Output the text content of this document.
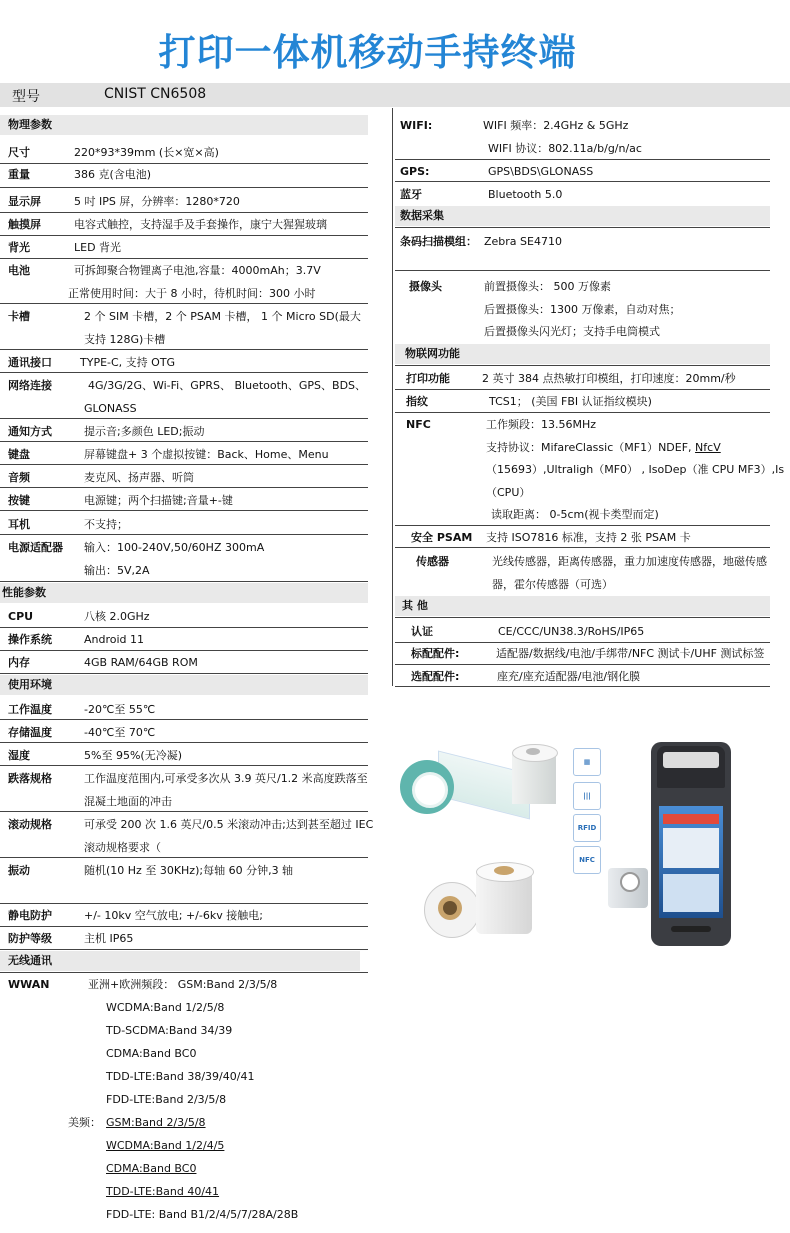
打印一体机移动手持终端
型号	CNIST CN6508
物理参数
尺寸	220*93*39mm (长×宽×高)
重量	386 克(含电池)
显示屏	5 吋 IPS 屏，分辨率：1280*720
触摸屏	电容式触控，支持湿手及手套操作，康宁大猩猩玻璃
背光	LED 背光
电池	可拆卸聚合物锂离子电池,容量：4000mAh；3.7V
正常使用时间：大于 8 小时，待机时间：300 小时
卡槽	2 个 SIM 卡槽，2 个 PSAM 卡槽， 1 个 Micro SD(最大
支持 128G)卡槽
通讯接口	TYPE-C, 支持 OTG
网络连接	4G/3G/2G、Wi-Fi、GPRS、 Bluetooth、GPS、BDS、
GLONASS
通知方式	提示音;多颜色 LED;振动
键盘	屏幕键盘+ 3 个虚拟按键：Back、Home、Menu
音频	麦克风、扬声器、听筒
按键	电源键；两个扫描键;音量+-键
耳机	不支持；
电源适配器 输入：100-240V,50/60HZ 300mA
输出：5V,2A
性能参数
CPU	八核 2.0GHz
操作系统	Android 11
内存	4GB RAM/64GB ROM
使用环境
工作温度	-20℃至 55℃
存储温度	-40℃至 70℃
湿度	5%至 95%(无冷凝)
跌落规格	工作温度范围内,可承受多次从 3.9 英尺/1.2 米高度跌落至
混凝土地面的冲击
滚动规格	可承受 200 次 1.6 英尺/0.5 米滚动冲击;达到甚至超过 IEC
滚动规格要求（
振动	随机(10 Hz 至 30KHz);每轴 60 分钟,3 轴
静电防护	+/- 10kv 空气放电; +/-6kv 接触电;
防护等级	主机 IP65
无线通讯
WWAN	亚洲+欧洲频段： GSM:Band 2/3/5/8
WCDMA:Band 1/2/5/8
TD-SCDMA:Band 34/39
CDMA:Band BC0
TDD-LTE:Band 38/39/40/41
FDD-LTE:Band 2/3/5/8
美频： GSM:Band 2/3/5/8
WCDMA:Band 1/2/4/5
CDMA:Band BC0
TDD-LTE:Band 40/41
FDD-LTE: Band B1/2/4/5/7/28A/28B
WIFI:	WIFI 频率：2.4GHz & 5GHz
WIFI 协议：802.11a/b/g/n/ac
GPS:	GPS\BDS\GLONASS
蓝牙	Bluetooth 5.0
数据采集
条码扫描模组： Zebra SE4710
摄像头	前置摄像头： 500 万像素
后置摄像头：1300 万像素，自动对焦；
后置摄像头闪光灯；支持手电筒模式
物联网功能
打印功能	2 英寸 384 点热敏打印模组，打印速度：20mm/秒
指纹	TCS1； (美国 FBI 认证指纹模块)
NFC	工作频段：13.56MHz
支持协议：MifareClassic（MF1）NDEF, NfcV
（15693）,Ultraligh（MF0） , IsoDep（准 CPU MF3）,Is
（CPU）
读取距离： 0-5cm(视卡类型而定)
安全 PSAM 支持 ISO7816 标准，支持 2 张 PSAM 卡
传感器	光线传感器，距离传感器，重力加速度传感器，地磁传感
器，霍尔传感器（可选）
其 他
认证	CE/CCC/UN38.3/RoHS/IP65
标配配件:	适配器/数据线/电池/手绑带/NFC 测试卡/UHF 测试标签
选配配件:	座充/座充适配器/电池/钢化膜
▦
|||
RFID
NFC
